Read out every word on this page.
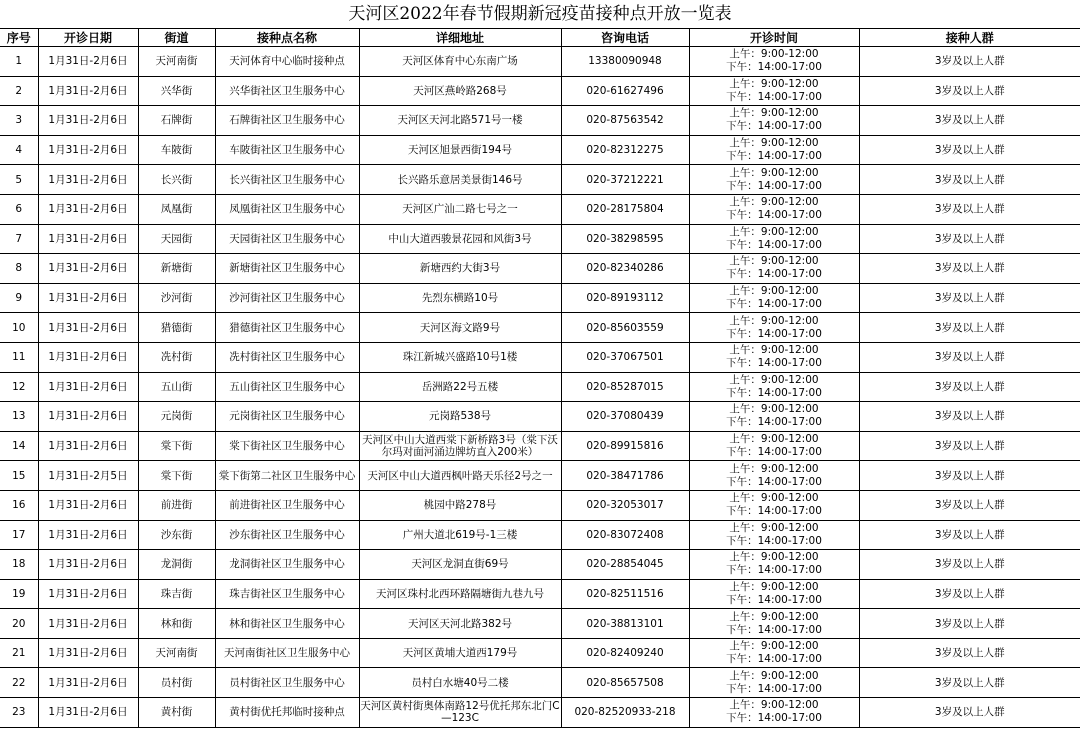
天河区2022年春节假期新冠疫苗接种点开放一览表
序号	开诊日期	街道	接种点名称	详细地址	咨询电话	开诊时间	接种人群
1	1月31日-2月6日	天河南街	天河体育中心临时接种点	天河区体育中心东南广场	13380090948	上午：9:00-12:00
下午：14:00-17:00	3岁及以上人群
2	1月31日-2月6日	兴华街	兴华街社区卫生服务中心	天河区燕岭路268号	020-61627496	上午：9:00-12:00
下午：14:00-17:00	3岁及以上人群
3	1月31日-2月6日	石牌街	石牌街社区卫生服务中心	天河区天河北路571号一楼	020-87563542	上午：9:00-12:00
下午：14:00-17:00	3岁及以上人群
4	1月31日-2月6日	车陂街	车陂街社区卫生服务中心	天河区旭景西街194号	020-82312275	上午：9:00-12:00
下午：14:00-17:00	3岁及以上人群
5	1月31日-2月6日	长兴街	长兴街社区卫生服务中心	长兴路乐意居美景街146号	020-37212221	上午：9:00-12:00
下午：14:00-17:00	3岁及以上人群
6	1月31日-2月6日	凤凰街	凤凰街社区卫生服务中心	天河区广汕二路七号之一	020-28175804	上午：9:00-12:00
下午：14:00-17:00	3岁及以上人群
7	1月31日-2月6日	天园街	天园街社区卫生服务中心	中山大道西骏景花园和风街3号	020-38298595	上午：9:00-12:00
下午：14:00-17:00	3岁及以上人群
8	1月31日-2月6日	新塘街	新塘街社区卫生服务中心	新塘西约大街3号	020-82340286	上午：9:00-12:00
下午：14:00-17:00	3岁及以上人群
9	1月31日-2月6日	沙河街	沙河街社区卫生服务中心	先烈东横路10号	020-89193112	上午：9:00-12:00
下午：14:00-17:00	3岁及以上人群
10	1月31日-2月6日	猎德街	猎德街社区卫生服务中心	天河区海文路9号	020-85603559	上午：9:00-12:00
下午：14:00-17:00	3岁及以上人群
11	1月31日-2月6日	冼村街	冼村街社区卫生服务中心	珠江新城兴盛路10号1楼	020-37067501	上午：9:00-12:00
下午：14:00-17:00	3岁及以上人群
12	1月31日-2月6日	五山街	五山街社区卫生服务中心	岳洲路22号五楼	020-85287015	上午：9:00-12:00
下午：14:00-17:00	3岁及以上人群
13	1月31日-2月6日	元岗街	元岗街社区卫生服务中心	元岗路538号	020-37080439	上午：9:00-12:00
下午：14:00-17:00	3岁及以上人群
14	1月31日-2月6日	棠下街	棠下街社区卫生服务中心	天河区中山大道西棠下新桥路3号（棠下沃尔玛对面河涌边牌坊直入200米）	020-89915816	上午：9:00-12:00
下午：14:00-17:00	3岁及以上人群
15	1月31日-2月5日	棠下街	棠下街第二社区卫生服务中心	天河区中山大道西枫叶路天乐径2号之一	020-38471786	上午：9:00-12:00
下午：14:00-17:00	3岁及以上人群
16	1月31日-2月6日	前进街	前进街社区卫生服务中心	桃园中路278号	020-32053017	上午：9:00-12:00
下午：14:00-17:00	3岁及以上人群
17	1月31日-2月6日	沙东街	沙东街社区卫生服务中心	广州大道北619号-1三楼	020-83072408	上午：9:00-12:00
下午：14:00-17:00	3岁及以上人群
18	1月31日-2月6日	龙洞街	龙洞街社区卫生服务中心	天河区龙洞直街69号	020-28854045	上午：9:00-12:00
下午：14:00-17:00	3岁及以上人群
19	1月31日-2月6日	珠吉街	珠吉街社区卫生服务中心	天河区珠村北西环路隔塘街九巷九号	020-82511516	上午：9:00-12:00
下午：14:00-17:00	3岁及以上人群
20	1月31日-2月6日	林和街	林和街社区卫生服务中心	天河区天河北路382号	020-38813101	上午：9:00-12:00
下午：14:00-17:00	3岁及以上人群
21	1月31日-2月6日	天河南街	天河南街社区卫生服务中心	天河区黄埔大道西179号	020-82409240	上午：9:00-12:00
下午：14:00-17:00	3岁及以上人群
22	1月31日-2月6日	员村街	员村街社区卫生服务中心	员村白水塘40号二楼	020-85657508	上午：9:00-12:00
下午：14:00-17:00	3岁及以上人群
23	1月31日-2月6日	黄村街	黄村街优托邦临时接种点	天河区黄村街奥体南路12号优托邦东北门C—123C	020-82520933-218	上午：9:00-12:00
下午：14:00-17:00	3岁及以上人群
